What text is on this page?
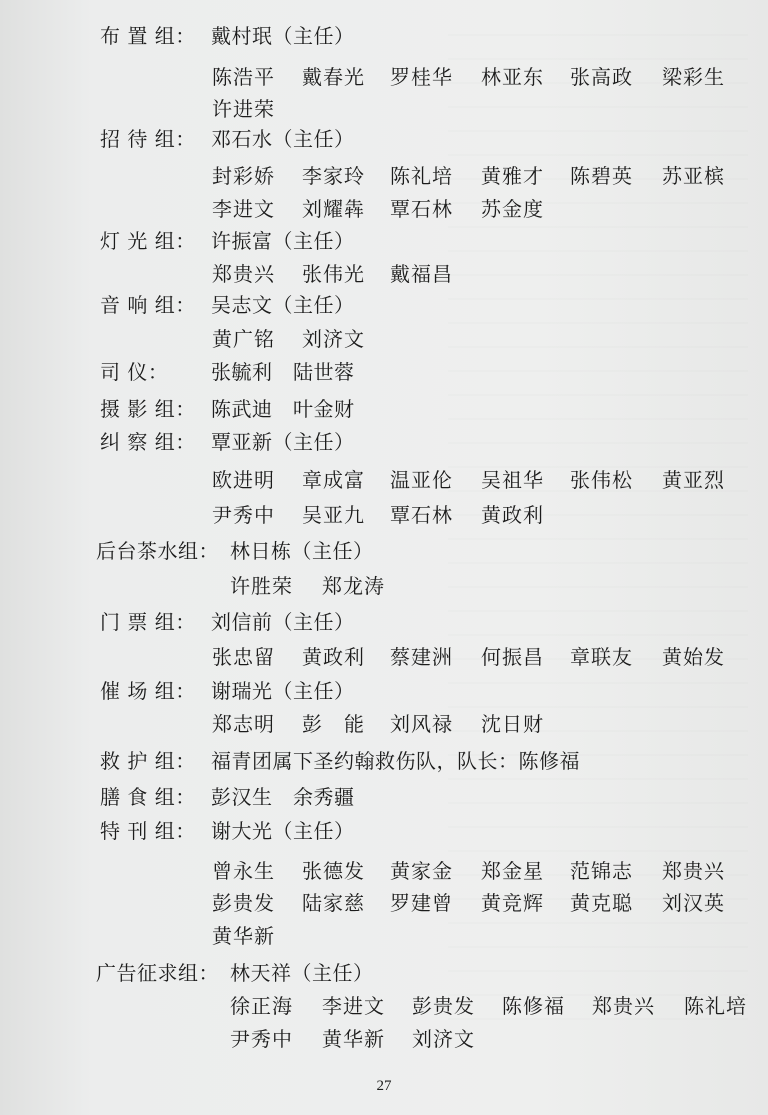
布 置 组： 戴村珉（主任）
陈浩平 戴春光 罗桂华 林亚东 张高政 梁彩生
许进荣
招 待 组： 邓石水（主任）
封彩娇 李家玲 陈礼培 黄雅才 陈碧英 苏亚槟
李进文 刘耀犇 覃石林 苏金度
灯 光 组： 许振富（主任）
郑贵兴 张伟光 戴福昌
音 响 组： 吴志文（主任）
黄广铭 刘济文
司 仪： 张毓利　陆世蓉
摄 影 组： 陈武迪　叶金财
纠 察 组： 覃亚新（主任）
欧进明 章成富 温亚伦 吴祖华 张伟松 黄亚烈
尹秀中 吴亚九 覃石林 黄政利
后台茶水组： 林日栋（主任）
许胜荣 郑龙涛
门 票 组： 刘信前（主任）
张忠留 黄政利 蔡建洲 何振昌 章联友 黄始发
催 场 组： 谢瑞光（主任）
郑志明 彭　能 刘风禄 沈日财
救 护 组： 福青团属下圣约翰救伤队，队长：陈修福
膳 食 组： 彭汉生　余秀疆
特 刊 组： 谢大光（主任）
曾永生 张德发 黄家金 郑金星 范锦志 郑贵兴
彭贵发 陆家慈 罗建曾 黄竞辉 黄克聪 刘汉英
黄华新
广告征求组： 林天祥（主任）
徐正海 李进文 彭贵发 陈修福 郑贵兴 陈礼培
尹秀中 黄华新 刘济文
27
